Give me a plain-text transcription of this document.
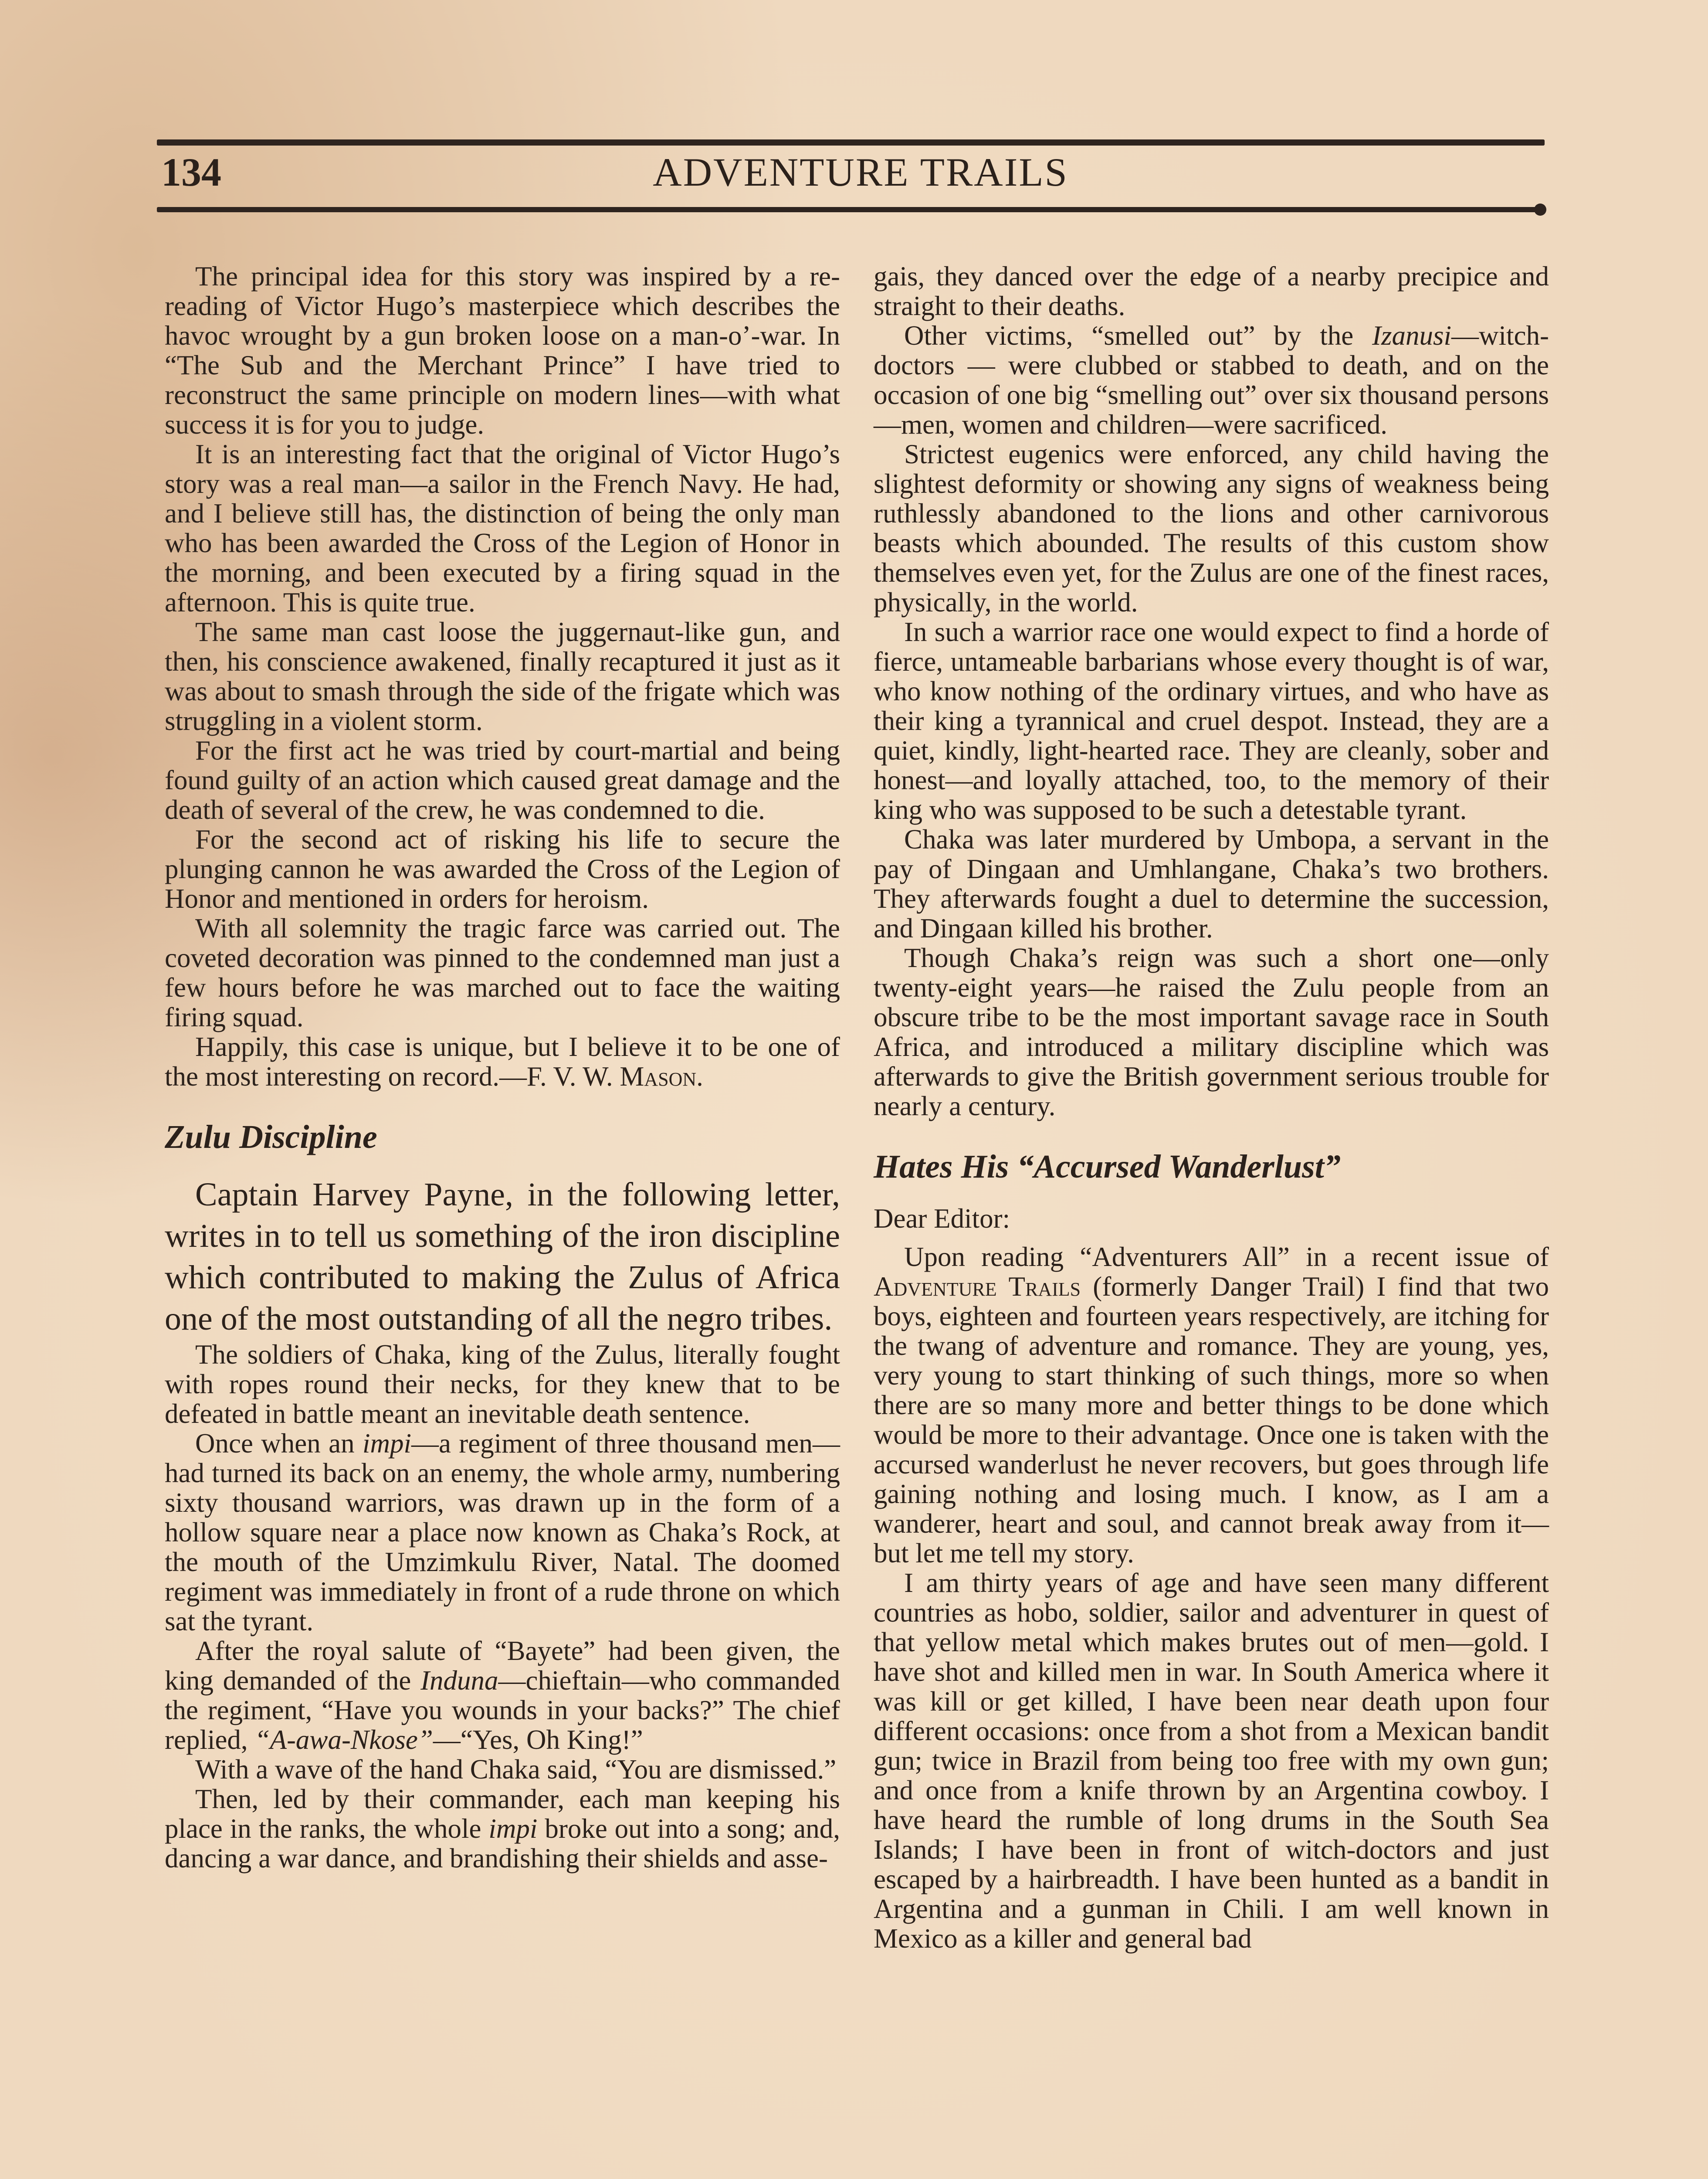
134	ADVENTURE TRAILS

The principal idea for this story was inspired by a re-reading of Victor Hugo’s masterpiece which describes the havoc wrought by a gun broken loose on a man-o’-war. In “The Sub and the Merchant Prince” I have tried to reconstruct the same principle on modern lines—with what success it is for you to judge.

It is an interesting fact that the original of Victor Hugo’s story was a real man—a sailor in the French Navy. He had, and I believe still has, the distinction of being the only man who has been awarded the Cross of the Legion of Honor in the morning, and been executed by a firing squad in the afternoon. This is quite true.

The same man cast loose the juggernaut-like gun, and then, his conscience awakened, finally recaptured it just as it was about to smash through the side of the frigate which was struggling in a violent storm.

For the first act he was tried by court-martial and being found guilty of an action which caused great damage and the death of several of the crew, he was condemned to die.

For the second act of risking his life to secure the plunging cannon he was awarded the Cross of the Legion of Honor and mentioned in orders for heroism.

With all solemnity the tragic farce was carried out. The coveted decoration was pinned to the condemned man just a few hours before he was marched out to face the waiting firing squad.

Happily, this case is unique, but I believe it to be one of the most interesting on record.—F. V. W. Mason.

Zulu Discipline

Captain Harvey Payne, in the following letter, writes in to tell us something of the iron discipline which contributed to making the Zulus of Africa one of the most outstanding of all the negro tribes.

The soldiers of Chaka, king of the Zulus, literally fought with ropes round their necks, for they knew that to be defeated in battle meant an inevitable death sentence.

Once when an impi—a regiment of three thousand men—had turned its back on an enemy, the whole army, numbering sixty thousand warriors, was drawn up in the form of a hollow square near a place now known as Chaka’s Rock, at the mouth of the Umzimkulu River, Natal. The doomed regiment was immediately in front of a rude throne on which sat the tyrant.

After the royal salute of “Bayete” had been given, the king demanded of the Induna—chieftain—who commanded the regiment, “Have you wounds in your backs?” The chief replied, “A-awa-Nkose”—“Yes, Oh King!”

With a wave of the hand Chaka said, “You are dismissed.”

Then, led by their commander, each man keeping his place in the ranks, the whole impi broke out into a song; and, dancing a war dance, and brandishing their shields and asse-

gais, they danced over the edge of a nearby precipice and straight to their deaths.

Other victims, “smelled out” by the Izanusi—witch-doctors — were clubbed or stabbed to death, and on the occasion of one big “smelling out” over six thousand persons—men, women and children—were sacrificed.

Strictest eugenics were enforced, any child having the slightest deformity or showing any signs of weakness being ruthlessly abandoned to the lions and other carnivorous beasts which abounded. The results of this custom show themselves even yet, for the Zulus are one of the finest races, physically, in the world.

In such a warrior race one would expect to find a horde of fierce, untameable barbarians whose every thought is of war, who know nothing of the ordinary virtues, and who have as their king a tyrannical and cruel despot. Instead, they are a quiet, kindly, light-hearted race. They are cleanly, sober and honest—and loyally attached, too, to the memory of their king who was supposed to be such a detestable tyrant.

Chaka was later murdered by Umbopa, a servant in the pay of Dingaan and Umhlangane, Chaka’s two brothers. They afterwards fought a duel to determine the succession, and Dingaan killed his brother.

Though Chaka’s reign was such a short one—only twenty-eight years—he raised the Zulu people from an obscure tribe to be the most important savage race in South Africa, and introduced a military discipline which was afterwards to give the British government serious trouble for nearly a century.

Hates His “Accursed Wanderlust”

Dear Editor:

Upon reading “Adventurers All” in a recent issue of Adventure Trails (formerly Danger Trail) I find that two boys, eighteen and fourteen years respectively, are itching for the twang of adventure and romance. They are young, yes, very young to start thinking of such things, more so when there are so many more and better things to be done which would be more to their advantage. Once one is taken with the accursed wanderlust he never recovers, but goes through life gaining nothing and losing much. I know, as I am a wanderer, heart and soul, and cannot break away from it—but let me tell my story.

I am thirty years of age and have seen many different countries as hobo, soldier, sailor and adventurer in quest of that yellow metal which makes brutes out of men—gold. I have shot and killed men in war. In South America where it was kill or get killed, I have been near death upon four different occasions: once from a shot from a Mexican bandit gun; twice in Brazil from being too free with my own gun; and once from a knife thrown by an Argentina cowboy. I have heard the rumble of long drums in the South Sea Islands; I have been in front of witch-doctors and just escaped by a hairbreadth. I have been hunted as a bandit in Argentina and a gunman in Chili. I am well known in Mexico as a killer and general bad
